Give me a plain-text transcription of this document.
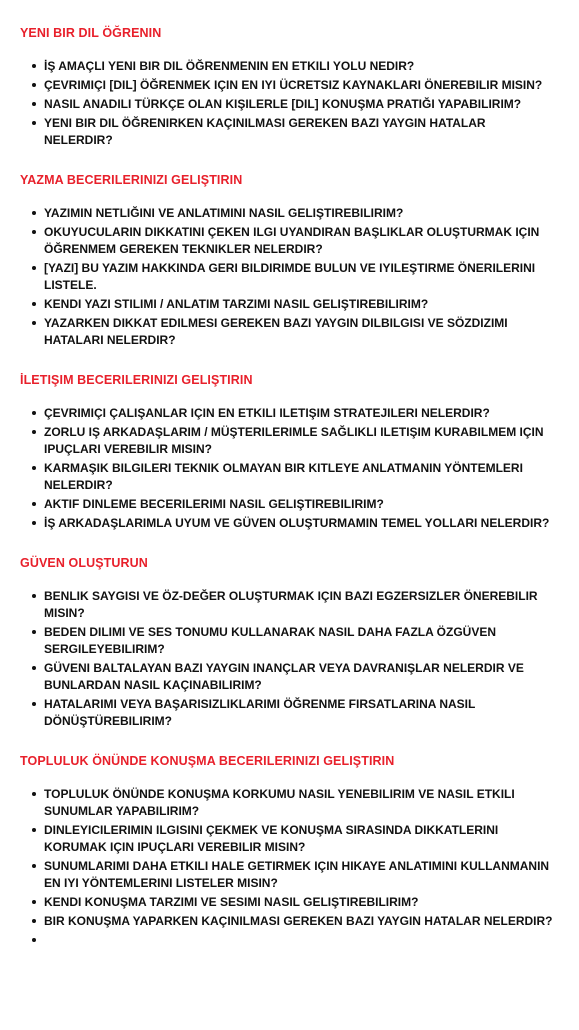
YENI BIR DIL ÖĞRENIN
İŞ AMAÇLI YENI BIR DIL ÖĞRENMENIN EN ETKILI YOLU NEDIR?
ÇEVRIMIÇI [DIL] ÖĞRENMEK IÇIN EN IYI ÜCRETSIZ KAYNAKLARI ÖNEREBILIR MISIN?
NASIL ANADILI TÜRKÇE OLAN KIŞILERLE [DIL] KONUŞMA PRATIĞI YAPABILIRIM?
YENI BIR DIL ÖĞRENIRKEN KAÇINILMASI GEREKEN BAZI YAYGIN HATALAR NELERDIR?
YAZMA BECERILERINIZI GELIŞTIRIN
YAZIMIN NETLIĞINI VE ANLATIMINI NASIL GELIŞTIREBILIRIM?
OKUYUCULARIN DIKKATINI ÇEKEN ILGI UYANDIRAN BAŞLIKLAR OLUŞTURMAK IÇIN ÖĞRENMEM GEREKEN TEKNIKLER NELERDIR?
[YAZI] BU YAZIM HAKKINDA GERI BILDIRIMDE BULUN VE IYILEŞTIRME ÖNERILERINI LISTELE.
KENDI YAZI STILIMI / ANLATIM TARZIMI NASIL GELIŞTIREBILIRIM?
YAZARKEN DIKKAT EDILMESI GEREKEN BAZI YAYGIN DILBILGISI VE SÖZDIZIMI HATALARI NELERDIR?
İLETIŞIM BECERILERINIZI GELIŞTIRIN
ÇEVRIMIÇI ÇALIŞANLAR IÇIN EN ETKILI ILETIŞIM STRATEJILERI NELERDIR?
ZORLU IŞ ARKADAŞLARIM / MÜŞTERILERIMLE SAĞLIKLI ILETIŞIM KURABILMEM IÇIN IPUÇLARI VEREBILIR MISIN?
KARMAŞIK BILGILERI TEKNIK OLMAYAN BIR KITLEYE ANLATMANIN YÖNTEMLERI NELERDIR?
AKTIF DINLEME BECERILERIMI NASIL GELIŞTIREBILIRIM?
İŞ ARKADAŞLARIMLA UYUM VE GÜVEN OLUŞTURMAMIN TEMEL YOLLARI NELERDIR?
GÜVEN OLUŞTURUN
BENLIK SAYGISI VE ÖZ-DEĞER OLUŞTURMAK IÇIN BAZI EGZERSIZLER ÖNEREBILIR MISIN?
BEDEN DILIMI VE SES TONUMU KULLANARAK NASIL DAHA FAZLA ÖZGÜVEN SERGILEYEBILIRIM?
GÜVENI BALTALAYAN BAZI YAYGIN INANÇLAR VEYA DAVRANIŞLAR NELERDIR VE BUNLARDAN NASIL KAÇINABILIRIM?
HATALARIMI VEYA BAŞARISIZLIKLARIMI ÖĞRENME FIRSATLARINA NASIL DÖNÜŞTÜREBILIRIM?
TOPLULUK ÖNÜNDE KONUŞMA BECERILERINIZI GELIŞTIRIN
TOPLULUK ÖNÜNDE KONUŞMA KORKUMU NASIL YENEBILIRIM VE NASIL ETKILI SUNUMLAR YAPABILIRIM?
DINLEYICILERIMIN ILGISINI ÇEKMEK VE KONUŞMA SIRASINDA DIKKATLERINI KORUMAK IÇIN IPUÇLARI VEREBILIR MISIN?
SUNUMLARIMI DAHA ETKILI HALE GETIRMEK IÇIN HIKAYE ANLATIMINI KULLANMANIN EN IYI YÖNTEMLERINI LISTELER MISIN?
KENDI KONUŞMA TARZIMI VE SESIMI NASIL GELIŞTIREBILIRIM?
BIR KONUŞMA YAPARKEN KAÇINILMASI GEREKEN BAZI YAYGIN HATALAR NELERDIR?
